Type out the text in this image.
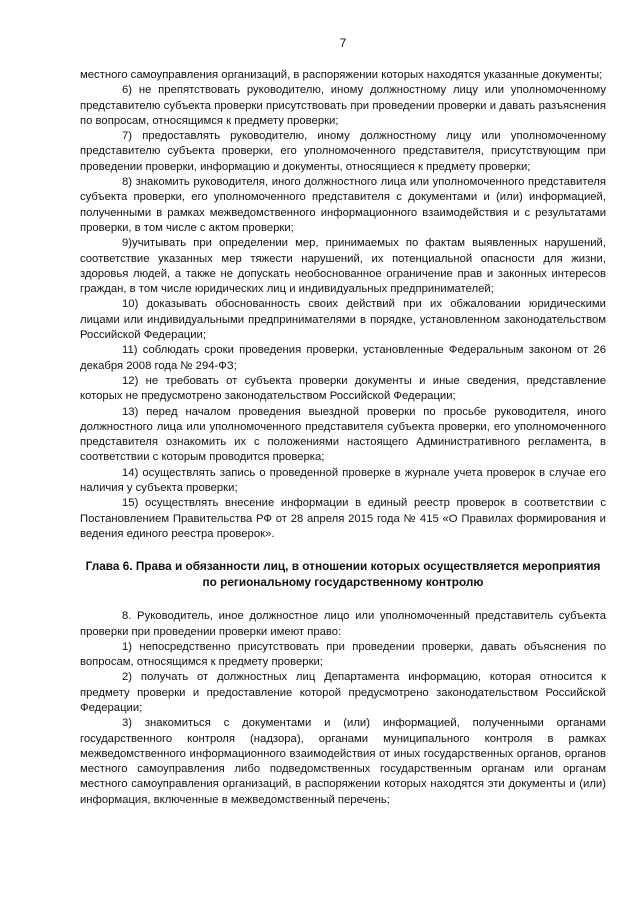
7

местного самоуправления организаций, в распоряжении которых находятся указанные документы;

6) не препятствовать руководителю, иному должностному лицу или уполномоченному представителю субъекта проверки присутствовать при проведении проверки и давать разъяснения по вопросам, относящимся к предмету проверки;

7) предоставлять руководителю, иному должностному лицу или уполномоченному представителю субъекта проверки, его уполномоченного представителя, присутствующим при проведении проверки, информацию и документы, относящиеся к предмету проверки;

8) знакомить руководителя, иного должностного лица или уполномоченного представителя субъекта проверки, его уполномоченного представителя с документами и (или) информацией, полученными в рамках межведомственного информационного взаимодействия и с результатами проверки, в том числе с актом проверки;

9)учитывать при определении мер, принимаемых по фактам выявленных нарушений, соответствие указанных мер тяжести нарушений, их потенциальной опасности для жизни, здоровья людей, а также не допускать необоснованное ограничение прав и законных интересов граждан, в том числе юридических лиц и индивидуальных предпринимателей;

10) доказывать обоснованность своих действий при их обжаловании юридическими лицами или индивидуальными предпринимателями в порядке, установленном законодательством Российской Федерации;

11) соблюдать сроки проведения проверки, установленные Федеральным законом от 26 декабря 2008 года № 294-ФЗ;

12) не требовать от субъекта проверки документы и иные сведения, представление которых не предусмотрено законодательством Российской Федерации;

13) перед началом проведения выездной проверки по просьбе руководителя, иного должностного лица или уполномоченного представителя субъекта проверки, его уполномоченного представителя ознакомить их с положениями настоящего Административного регламента, в соответствии с которым проводится проверка;

14) осуществлять запись о проведенной проверке в журнале учета проверок в случае его наличия у субъекта проверки;

15) осуществлять внесение информации в единый реестр проверок в соответствии с Постановлением Правительства РФ от 28 апреля 2015 года № 415 «О Правилах формирования и ведения единого реестра проверок».

Глава 6. Права и обязанности лиц, в отношении которых осуществляется мероприятия по региональному государственному контролю

8. Руководитель, иное должностное лицо или уполномоченный представитель субъекта проверки при проведении проверки имеют право:

1) непосредственно присутствовать при проведении проверки, давать объяснения по вопросам, относящимся к предмету проверки;

2) получать от должностных лиц Департамента информацию, которая относится к предмету проверки и предоставление которой предусмотрено законодательством Российской Федерации;

3) знакомиться с документами и (или) информацией, полученными органами государственного контроля (надзора), органами муниципального контроля в рамках межведомственного информационного взаимодействия от иных государственных органов, органов местного самоуправления либо подведомственных государственным органам или органам местного самоуправления организаций, в распоряжении которых находятся эти документы и (или) информация, включенные в межведомственный перечень;
